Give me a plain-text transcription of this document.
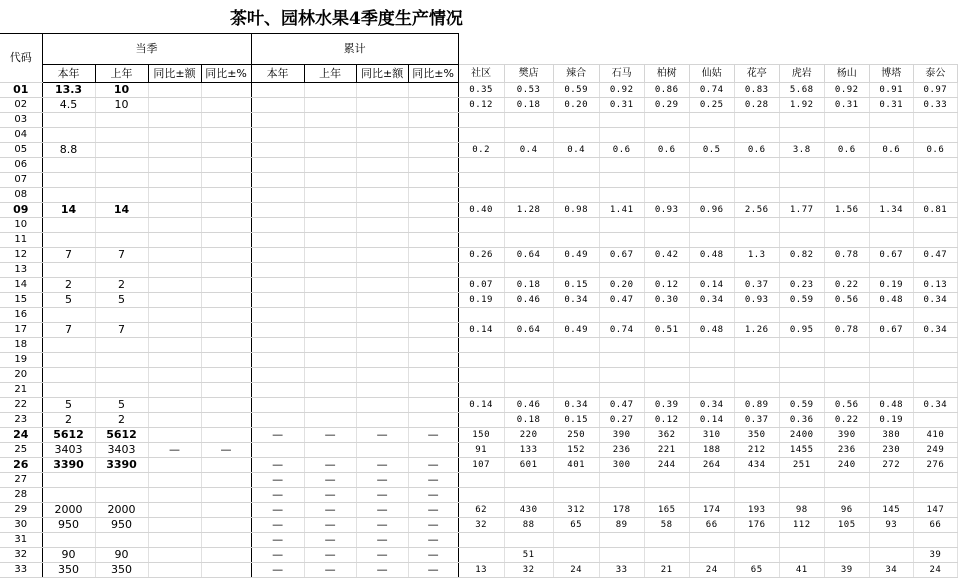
茶叶、园林水果4季度生产情况
代码	当季				累计														
	本年	上年	同比±额	同比±%	本年	上年	同比±额	同比±%	社区	樊店	辣合	石马	柏树	仙姑	花亭	虎岩	杨山	博塔	泰公
01	13.3	10							0.35	0.53	0.59	0.92	0.86	0.74	0.83	5.68	0.92	0.91	0.97
02	4.5	10							0.12	0.18	0.20	0.31	0.29	0.25	0.28	1.92	0.31	0.31	0.33
03																			
04																			
05	8.8								0.2	0.4	0.4	0.6	0.6	0.5	0.6	3.8	0.6	0.6	0.6
06																			
07																			
08																			
09	14	14							0.40	1.28	0.98	1.41	0.93	0.96	2.56	1.77	1.56	1.34	0.81
10																			
11																			
12	7	7							0.26	0.64	0.49	0.67	0.42	0.48	1.3	0.82	0.78	0.67	0.47
13																			
14	2	2							0.07	0.18	0.15	0.20	0.12	0.14	0.37	0.23	0.22	0.19	0.13
15	5	5							0.19	0.46	0.34	0.47	0.30	0.34	0.93	0.59	0.56	0.48	0.34
16																			
17	7	7							0.14	0.64	0.49	0.74	0.51	0.48	1.26	0.95	0.78	0.67	0.34
18																			
19																			
20																			
21																			
22	5	5							0.14	0.46	0.34	0.47	0.39	0.34	0.89	0.59	0.56	0.48	0.34
23	2	2								0.18	0.15	0.27	0.12	0.14	0.37	0.36	0.22	0.19	
24	5612	5612			—	—	—	—	150	220	250	390	362	310	350	2400	390	380	410
25	3403	3403	—	—					91	133	152	236	221	188	212	1455	236	230	249
26	3390	3390			—	—	—	—	107	601	401	300	244	264	434	251	240	272	276
27					—	—	—	—											
28					—	—	—	—											
29	2000	2000			—	—	—	—	62	430	312	178	165	174	193	98	96	145	147
30	950	950			—	—	—	—	32	88	65	89	58	66	176	112	105	93	66
31					—	—	—	—											
32	90	90			—	—	—	—		51									39
33	350	350			—	—	—	—	13	32	24	33	21	24	65	41	39	34	24
